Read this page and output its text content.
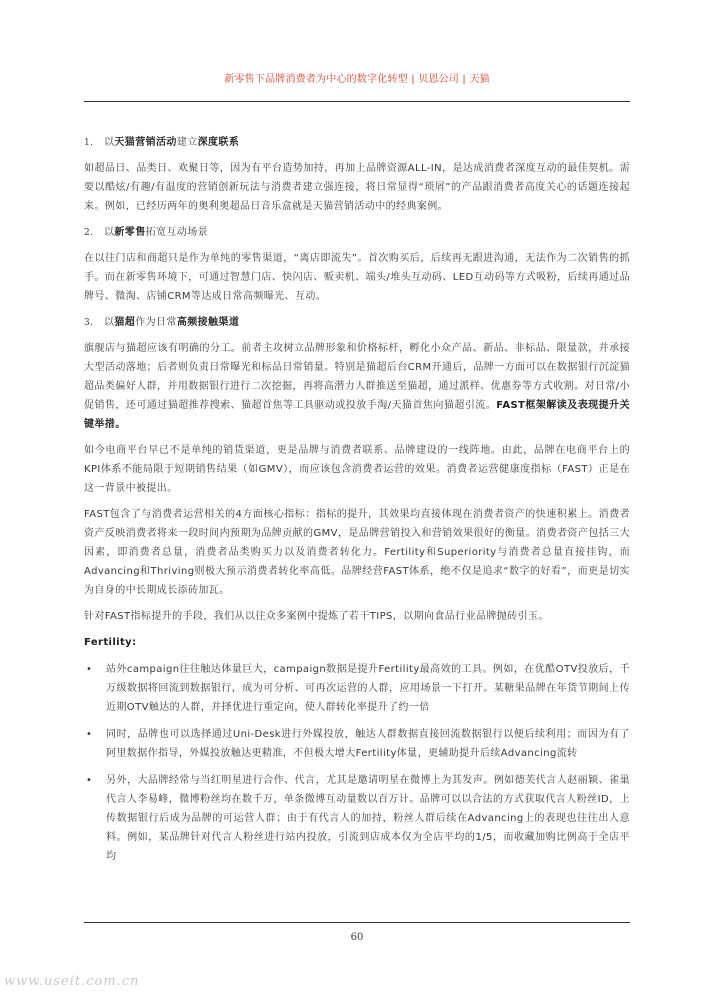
新零售下品牌消费者为中心的数字化转型 | 贝恩公司 | 天猫
1. 以天猫营销活动建立深度联系

如超品日、品类日、欢聚日等，因为有平台造势加持，再加上品牌资源ALL-IN，是达成消费者深度互动的最佳契机。需要以酷炫/有趣/有温度的营销创新玩法与消费者建立强连接，将日常显得“琐屑”的产品跟消费者高度关心的话题连接起来。例如，已经历两年的奥利奥超品日音乐盒就是天猫营销活动中的经典案例。

2. 以新零售拓宽互动场景

在以往门店和商超只是作为单纯的零售渠道，“离店即流失”。首次购买后，后续再无跟进沟通，无法作为二次销售的抓手。而在新零售环境下，可通过智慧门店、快闪店、贩卖机、端头/堆头互动码、LED互动码等方式吸粉，后续再通过品牌号、微淘、店铺CRM等达成日常高频曝光、互动。

3. 以猫超作为日常高频接触渠道

旗舰店与猫超应该有明确的分工。前者主攻树立品牌形象和价格标杆，孵化小众产品、新品、非标品、限量款，并承接大型活动落地；后者则负责日常曝光和标品日常销量。特别是猫超后台CRM开通后，品牌一方面可以在数据银行沉淀猫超品类偏好人群，并用数据银行进行二次挖掘，再将高潜力人群推送至猫超，通过派样、优惠券等方式收割。对日常/小促销售，还可通过猫超推荐搜索、猫超首焦等工具驱动或投放手淘/天猫首焦向猫超引流。FAST框架解读及表现提升关键举措。

如今电商平台早已不是单纯的销货渠道，更是品牌与消费者联系、品牌建设的一线阵地。由此，品牌在电商平台上的KPI体系不能局限于短期销售结果（如GMV），而应该包含消费者运营的效果。消费者运营健康度指标（FAST）正是在这一背景中被提出。

FAST包含了与消费者运营相关的4方面核心指标：指标的提升，其效果均直接体现在消费者资产的快速积累上。消费者资产反映消费者将来一段时间内预期为品牌贡献的GMV，是品牌营销投入和营销效果很好的衡量。消费者资产包括三大因素，即消费者总量，消费者品类购买力以及消费者转化力。Fertility和Superiority与消费者总量直接挂钩，而Advancing和Thriving则极大预示消费者转化率高低。品牌经营FAST体系，绝不仅是追求“数字的好看”，而更是切实为自身的中长期成长添砖加瓦。

针对FAST指标提升的手段，我们从以往众多案例中提炼了若干TIPS，以期向食品行业品牌抛砖引玉。

Fertility:
• 站外campaign往往触达体量巨大，campaign数据是提升Fertility最高效的工具。例如，在优酷OTV投放后，千万级数据将回流到数据银行，成为可分析、可再次运营的人群，应用场景一下打开。某糖果品牌在年货节期间上传近期OTV触达的人群，并择优进行重定向，使人群转化率提升了约一倍
• 同时，品牌也可以选择通过Uni-Desk进行外媒投放，触达人群数据直接回流数据银行以便后续利用；而因为有了阿里数据作指导，外媒投放触达更精准，不但极大增大Fertility体量，更辅助提升后续Advancing流转
• 另外，大品牌经常与当红明星进行合作、代言，尤其是邀请明星在微博上为其发声。例如德芙代言人赵丽颖、雀巢代言人李易峰，微博粉丝均在数千万，单条微博互动量数以百万计。品牌可以以合法的方式获取代言人粉丝ID，上传数据银行后成为品牌的可运营人群；由于有代言人的加持，粉丝人群后续在Advancing上的表现也往往出人意料。例如，某品牌针对代言人粉丝进行站内投放，引流到店成本仅为全店平均的1/5，而收藏加购比例高于全店平均
60
www.useit.com.cn
